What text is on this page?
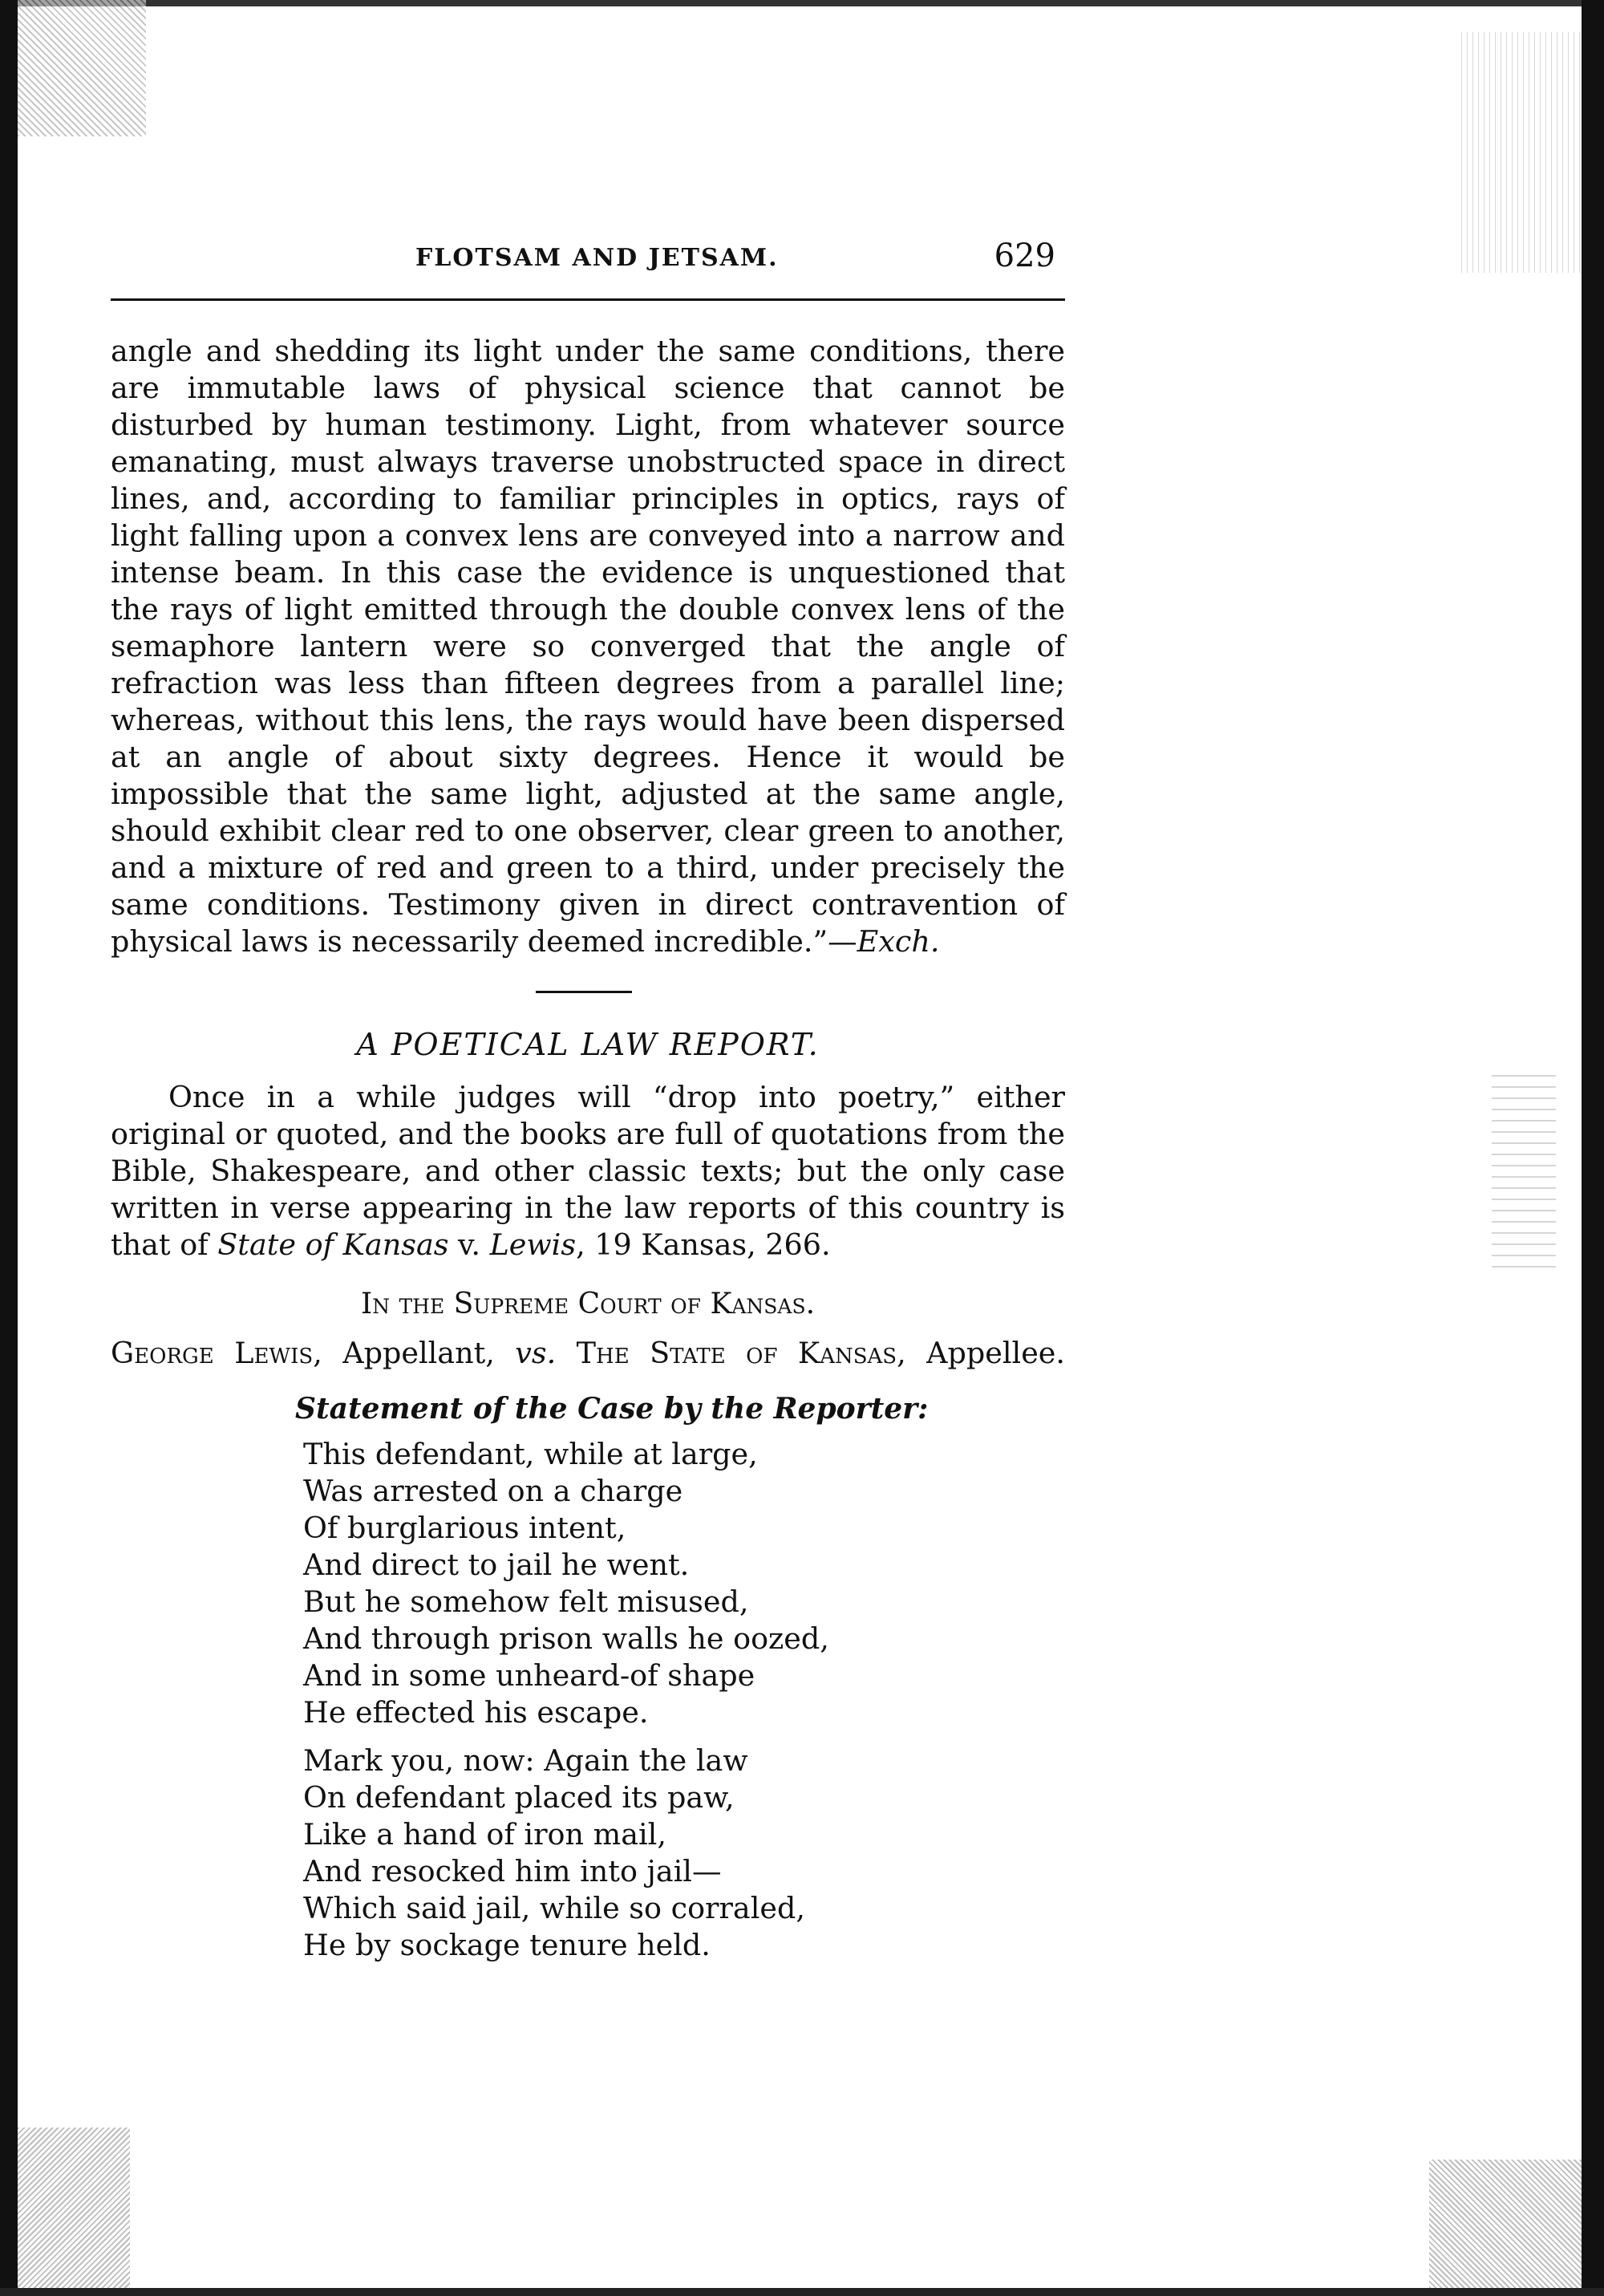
FLOTSAM AND JETSAM.	629

angle and shedding its light under the same conditions, there are immutable laws of physical science that cannot be disturbed by human testimony. Light, from whatever source emanating, must always traverse unobstructed space in direct lines, and, according to familiar principles in optics, rays of light falling upon a convex lens are conveyed into a narrow and intense beam. In this case the evidence is unquestioned that the rays of light emitted through the double convex lens of the semaphore lantern were so converged that the angle of refraction was less than fifteen degrees from a parallel line; whereas, without this lens, the rays would have been dispersed at an angle of about sixty degrees. Hence it would be impossible that the same light, adjusted at the same angle, should exhibit clear red to one observer, clear green to another, and a mixture of red and green to a third, under precisely the same conditions. Testimony given in direct contravention of physical laws is necessarily deemed incredible.”—Exch.

A POETICAL LAW REPORT.

Once in a while judges will “drop into poetry,” either original or quoted, and the books are full of quotations from the Bible, Shakespeare, and other classic texts; but the only case written in verse appearing in the law reports of this country is that of State of Kansas v. Lewis, 19 Kansas, 266.

In the Supreme Court of Kansas.
George Lewis, Appellant, vs. The State of Kansas, Appellee.
Statement of the Case by the Reporter:
This defendant, while at large,
Was arrested on a charge
Of burglarious intent,
And direct to jail he went.
But he somehow felt misused,
And through prison walls he oozed,
And in some unheard-of shape
He effected his escape.
Mark you, now: Again the law
On defendant placed its paw,
Like a hand of iron mail,
And resocked him into jail—
Which said jail, while so corraled,
He by sockage tenure held.
